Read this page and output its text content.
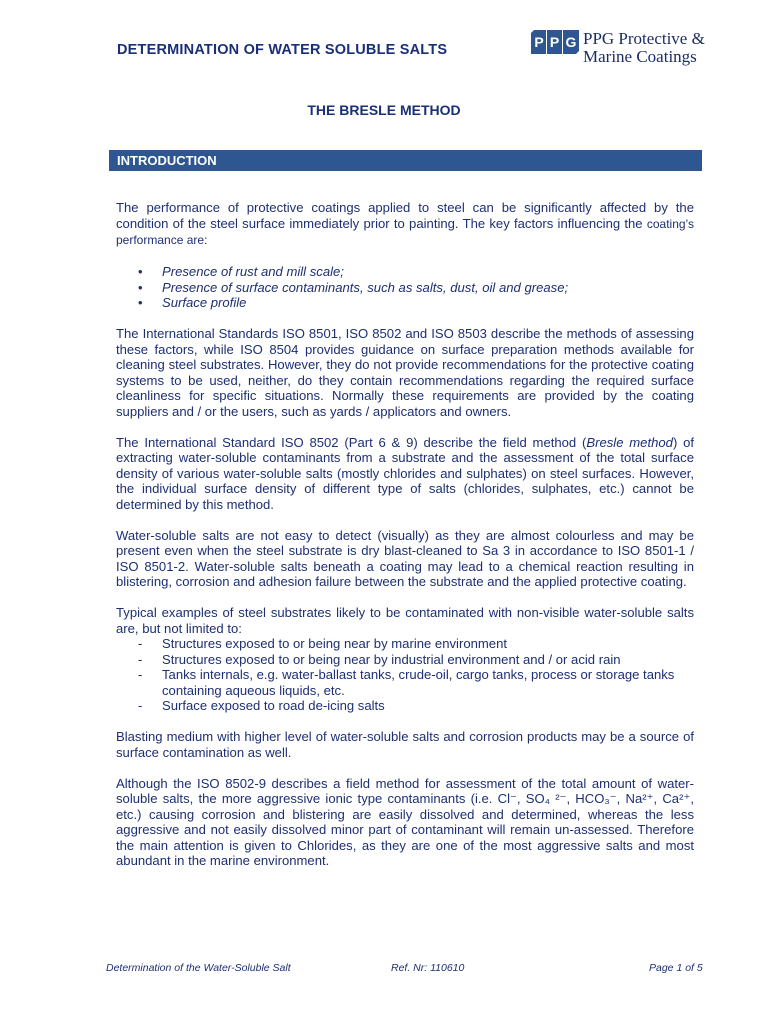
DETERMINATION OF WATER SOLUBLE SALTS	P P G PPG Protective &
Marine Coatings
THE BRESLE METHOD
INTRODUCTION

The performance of protective coatings applied to steel can be significantly affected by the condition of the steel surface immediately prior to painting. The key factors influencing the coating’s performance are:

• Presence of rust and mill scale;
• Presence of surface contaminants, such as salts, dust, oil and grease;
• Surface profile

The International Standards ISO 8501, ISO 8502 and ISO 8503 describe the methods of assessing these factors, while ISO 8504 provides guidance on surface preparation methods available for cleaning steel substrates. However, they do not provide recommendations for the protective coating systems to be used, neither, do they contain recommendations regarding the required surface cleanliness for specific situations. Normally these requirements are provided by the coating suppliers and / or the users, such as yards / applicators and owners.

The International Standard ISO 8502 (Part 6 & 9) describe the field method (Bresle method) of extracting water-soluble contaminants from a substrate and the assessment of the total surface density of various water-soluble salts (mostly chlorides and sulphates) on steel surfaces. However, the individual surface density of different type of salts (chlorides, sulphates, etc.) cannot be determined by this method.

Water-soluble salts are not easy to detect (visually) as they are almost colourless and may be present even when the steel substrate is dry blast-cleaned to Sa 3 in accordance to ISO 8501-1 / ISO 8501-2. Water-soluble salts beneath a coating may lead to a chemical reaction resulting in blistering, corrosion and adhesion failure between the substrate and the applied protective coating.

Typical examples of steel substrates likely to be contaminated with non-visible water-soluble salts are, but not limited to:

- Structures exposed to or being near by marine environment
- Structures exposed to or being near by industrial environment and / or acid rain
- Tanks internals, e.g. water-ballast tanks, crude-oil, cargo tanks, process or storage tanks containing aqueous liquids, etc.
- Surface exposed to road de-icing salts

Blasting medium with higher level of water-soluble salts and corrosion products may be a source of surface contamination as well.

Although the ISO 8502-9 describes a field method for assessment of the total amount of water-soluble salts, the more aggressive ionic type contaminants (i.e. Cl⁻, SO₄ ²⁻, HCO₃⁻, Na²⁺, Ca²⁺, etc.) causing corrosion and blistering are easily dissolved and determined, whereas the less aggressive and not easily dissolved minor part of contaminant will remain un-assessed. Therefore the main attention is given to Chlorides, as they are one of the most aggressive salts and most abundant in the marine environment.

Determination of the Water-Soluble Salt	Ref. Nr: 110610	Page 1 of 5
